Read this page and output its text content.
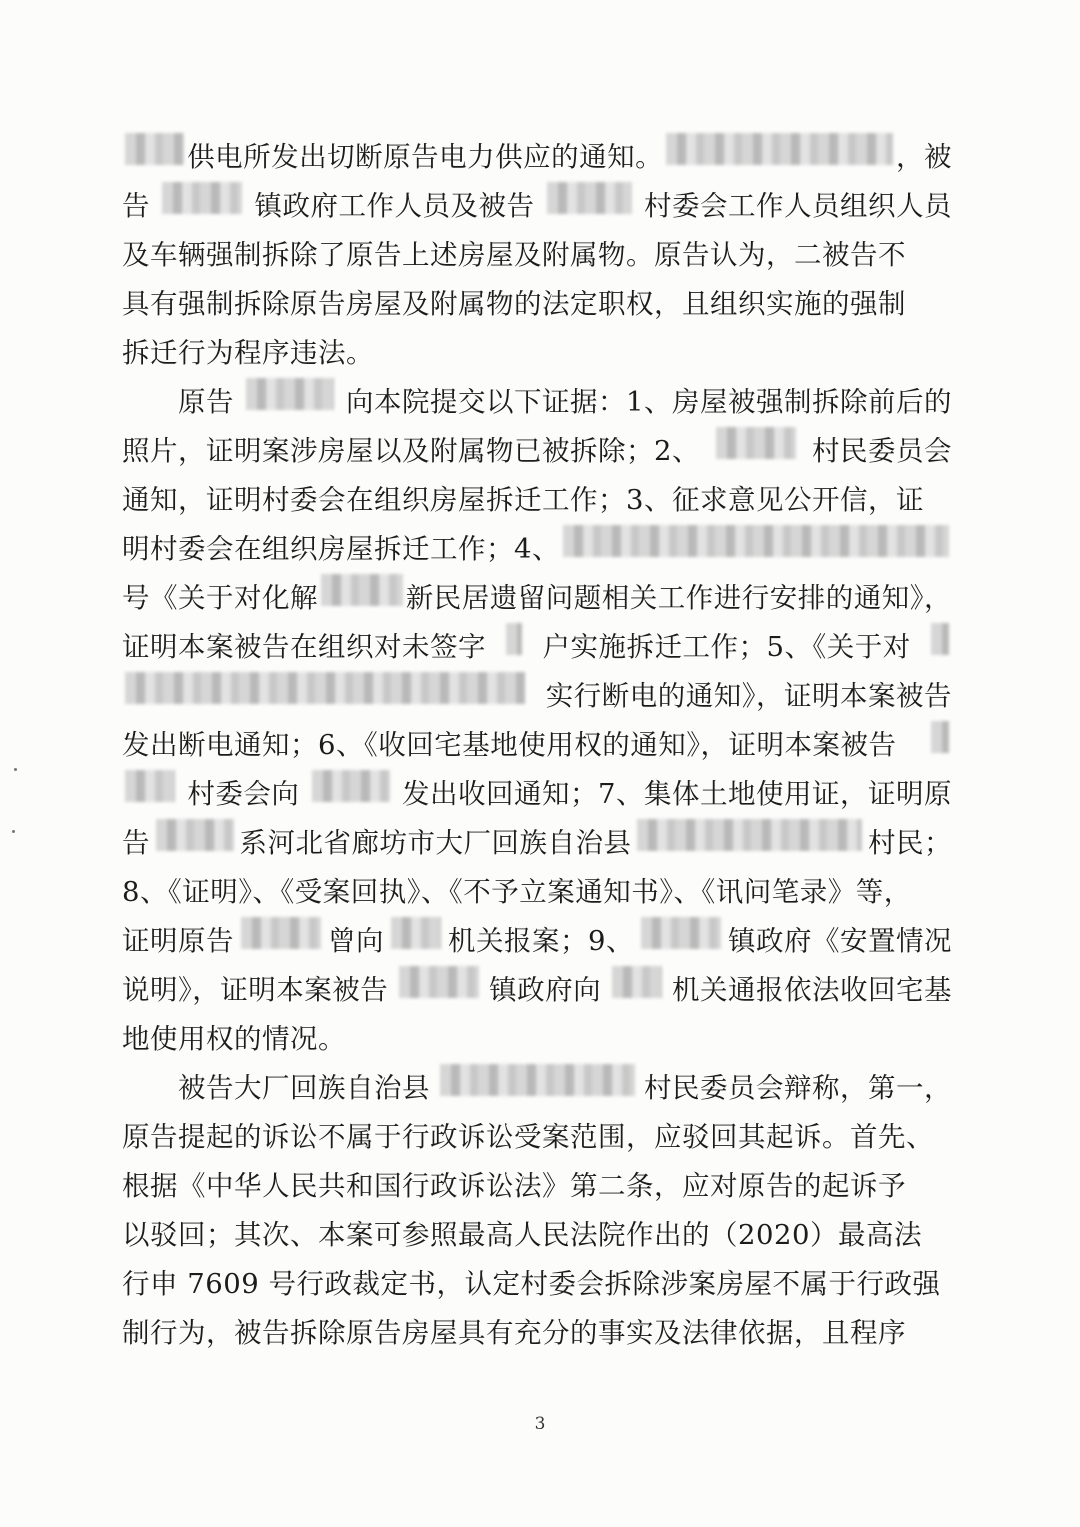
供电所发出切断原告电力供应的通知。	，被
告	镇政府工作人员及被告	村委会工作人员组织人员
及车辆强制拆除了原告上述房屋及附属物。原告认为，二被告不
具有强制拆除原告房屋及附属物的法定职权，且组织实施的强制
拆迁行为程序违法。
原告	向本院提交以下证据：1、房屋被强制拆除前后的
照片，证明案涉房屋以及附属物已被拆除；2、	村民委员会
通知，证明村委会在组织房屋拆迁工作；3、征求意见公开信，证
明村委会在组织房屋拆迁工作；4、
号《关于对化解	新民居遗留问题相关工作进行安排的通知》，
证明本案被告在组织对未签字 户实施拆迁工作；5、《关于对
实行断电的通知》，证明本案被告
发出断电通知；6、《收回宅基地使用权的通知》，证明本案被告
村委会向	发出收回通知；7、集体土地使用证，证明原
告	系河北省廊坊市大厂回族自治县	村民；
8、《证明》、《受案回执》、《不予立案通知书》、《讯问笔录》等，
证明原告	曾向 机关报案；9、	镇政府《安置情况
说明》，证明本案被告	镇政府向	机关通报依法收回宅基
地使用权的情况。
被告大厂回族自治县	村民委员会辩称，第一，
原告提起的诉讼不属于行政诉讼受案范围，应驳回其起诉。首先、
根据《中华人民共和国行政诉讼法》第二条，应对原告的起诉予
以驳回；其次、本案可参照最高人民法院作出的（2020）最高法
行申 7609 号行政裁定书，认定村委会拆除涉案房屋不属于行政强
制行为，被告拆除原告房屋具有充分的事实及法律依据，且程序
3
